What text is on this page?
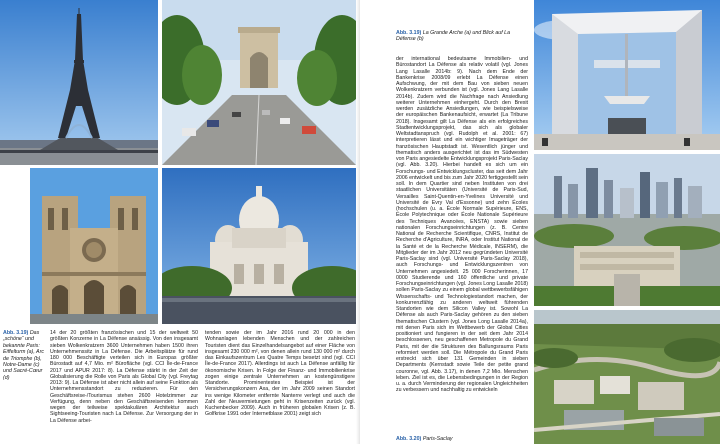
Abb. 3.19) Das „schöne“ und bekannte Paris: Eiffelturm (a), Arc de Triomphe (b), Notre-Dame (c) und Sacré-Cœur (d)

14 der 20 größten französischen und 15 der weltweit 50 größten Konzerne in La Défense ansässig. Von den insgesamt sieben Wolkenkratzern 3600 Unternehmen haben 1500 ihren Unternehmenssitz in La Défense. Die Arbeitsplätze für rund 180 000 Beschäftigte verteilen sich in Europas größter Bürostadt auf 4,7 Mio. m² Bürofläche (vgl. CCI Île-de-France 2017 und APUR 2017: 8). La Défense stärkt in der Zeit der Globalisierung die Rolle von Paris als Global City (vgl. Freytag 2013: 9). La Défense ist aber nicht allein auf seine Funktion als Unternehmensstandort zu reduzieren. Für den Geschäftsreise-/Tourismus stehen 2600 Hotelzimmer zur Verfügung, denn neben den Geschäftsreisenden kommen wegen der teilweise spektakulären Architektur auch Sightseeing-Touristen nach La Défense. Zur Versorgung der in La Défense arbei-

tenden sowie der im Jahr 2016 rund 20 000 in den Wohnanlagen lebenden Menschen und der zahlreichen Touristen dient das Einzelhandelsangebot auf einer Fläche von insgesamt 230 000 m², von denen allein rund 130 000 m² durch das Einkaufszentrum Les Quatre Temps besetzt sind (vgl. CCI Île-de-France 2017). Allerdings ist auch La Défense anfällig für ökonomische Krisen. In Folge der Finanz- und Immobilienkrise zogen einige zentrale Unternehmen an kostengünstigere Standorte. Prominentestes Beispiel ist der Versicherungskonzern Axa, der im Jahr 2009 seinen Standort ins wenige Kilometer entfernte Nanterre verlegt und auch die Zahl der Neuvermietungen geht in Krisenzeiten zurück (vgl. Kuchenbecker 2009). Auch in früheren globalen Krisen (z. B. Golfkrise 1991 oder Internetblase 2001) zeigt sich

Abb. 3.19) La Grande Arche (a) und Blick auf La Défense (b)

der international bedeutsame Immobilien- und Bürostandort La Défense als relativ volatil (vgl. Jones Lang Lasalle 2014b: 9). Nach dem Ende der Bankenkrise 2008/09 erlebt La Défense einen Aufschwung, der mit dem Bau von sieben neuen Wolkenkratzern verbunden ist (vgl. Jones Lang Lasalle 2014b). Zudem wird die Nachfrage nach Ansiedlung weiterer Unternehmen einhergeht. Durch den Brexit werden zusätzliche Ansiedlungen, wie beispielsweise der europäischen Bankenaufsicht, erwartet (La Tribune 2018). Insgesamt gilt La Défense als ein erfolgreiches Stadtentwicklungsprojekt, das sich als globaler Weltstadtanspruch (vgl. Rudolph et al. 2001: 67) interpretieren lässt und ein wichtiger Imageträger der französischen Hauptstadt ist. Wesentlich jünger und thematisch anders ausgerichtet ist das im Südwesten von Paris angesiedelte Entwicklungsprojekt Paris-Saclay (vgl. Abb. 3.20). Hierbei handelt es sich um ein Forschungs- und Entwicklungscluster, das seit dem Jahr 2006 entwickelt und bis zum Jahr 2020 fertiggestellt sein soll. In dem Quartier sind neben Instituten von drei staatlichen Universitäten (Université de Paris-Sud, Versailles Saint-Quentin-en-Yvelines Université und Université de Evry Val d'Essonne) und zehn Écoles (hochschulen (u. a. École Normale Supérieure, ENS, École Polytechnique oder École Nationale Supérieure des Techniques Avancées, ENSTA) sowie sieben nationalen Forschungseinrichtungen (z. B. Centre National de Recherche Scientifique, CNRS, Institut de Recherche d'Agriculture, INRA, oder Institut National de la Santé et de la Recherche Médicale, INSERM), die Mitglieder der im Jahr 2012 neu gegründeten Université Paris-Saclay sind (vgl. Université Paris-Saclay 2018), auch Forschungs- und Entwicklungszentren von Unternehmen angesiedelt. 25 000 Forscherinnen, 17 0000 Studierende und 160 öffentliche und private Forschungseinrichtungen (vgl. Jones Long Lasalle 2018) sollen Paris-Saclay zu einem global wettbewerbsfähigen Wissenschafts- und Technologiestandort machen, der konkurrenzfähig zu anderen weltweit führenden Standorten wie dem Silicon Valley ist. Sowohl La Défense als auch Paris-Saclay gehören zu den sieben thematischen Clustern (vgl. Jones Long Lasalle 2014a), mit denen Paris sich im Wettbewerb der Global Cities positioniert und fungieren in der seit dem Jahr 2014 beschlossenen, neu geschaffenen Metropole du Grand Paris, mit der die Strukturen des Ballungsraums Paris reformiert werden soll. Die Métropole du Grand Paris erstreckt sich über 131 Gemeinden in sieben Departments (Kernstadt sowie Teile der petite grand couronne, vgl. Abb. 3.17), in denen 7,2 Mio. Menschen leben. Ziel ist es, die Lebensbedingungen in der Region u. a. durch Verminderung der regionalen Ungleichheiten zu verbessern und nachhaltig zu entwickeln

Abb. 3.20) Paris-Saclay
